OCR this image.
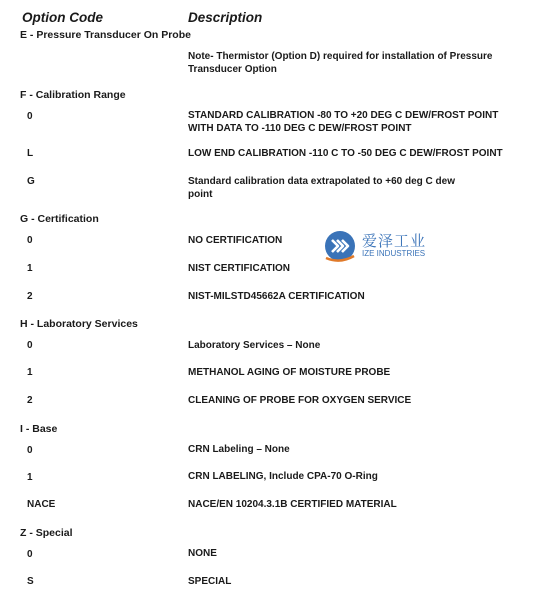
Option Code	Description
E - Pressure Transducer On Probe
Note- Thermistor (Option D) required for installation of Pressure
Transducer Option
F - Calibration Range
0	STANDARD CALIBRATION -80 TO +20 DEG C DEW/FROST POINT
WITH DATA TO -110 DEG C DEW/FROST POINT
L	LOW END CALIBRATION -110 C TO -50 DEG C DEW/FROST POINT
G	Standard calibration data extrapolated to +60 deg C dew
point
G - Certification
0	NO CERTIFICATION
1	NIST CERTIFICATION
2	NIST-MILSTD45662A CERTIFICATION
H - Laboratory Services
0	Laboratory Services – None
1	METHANOL AGING OF MOISTURE PROBE
2	CLEANING OF PROBE FOR OXYGEN SERVICE
I - Base
0	CRN Labeling – None
1	CRN LABELING, Include CPA-70 O-Ring
NACE	NACE/EN 10204.3.1B CERTIFIED MATERIAL
Z - Special
0	NONE
S	SPECIAL
爱泽工业
IZE INDUSTRIES
